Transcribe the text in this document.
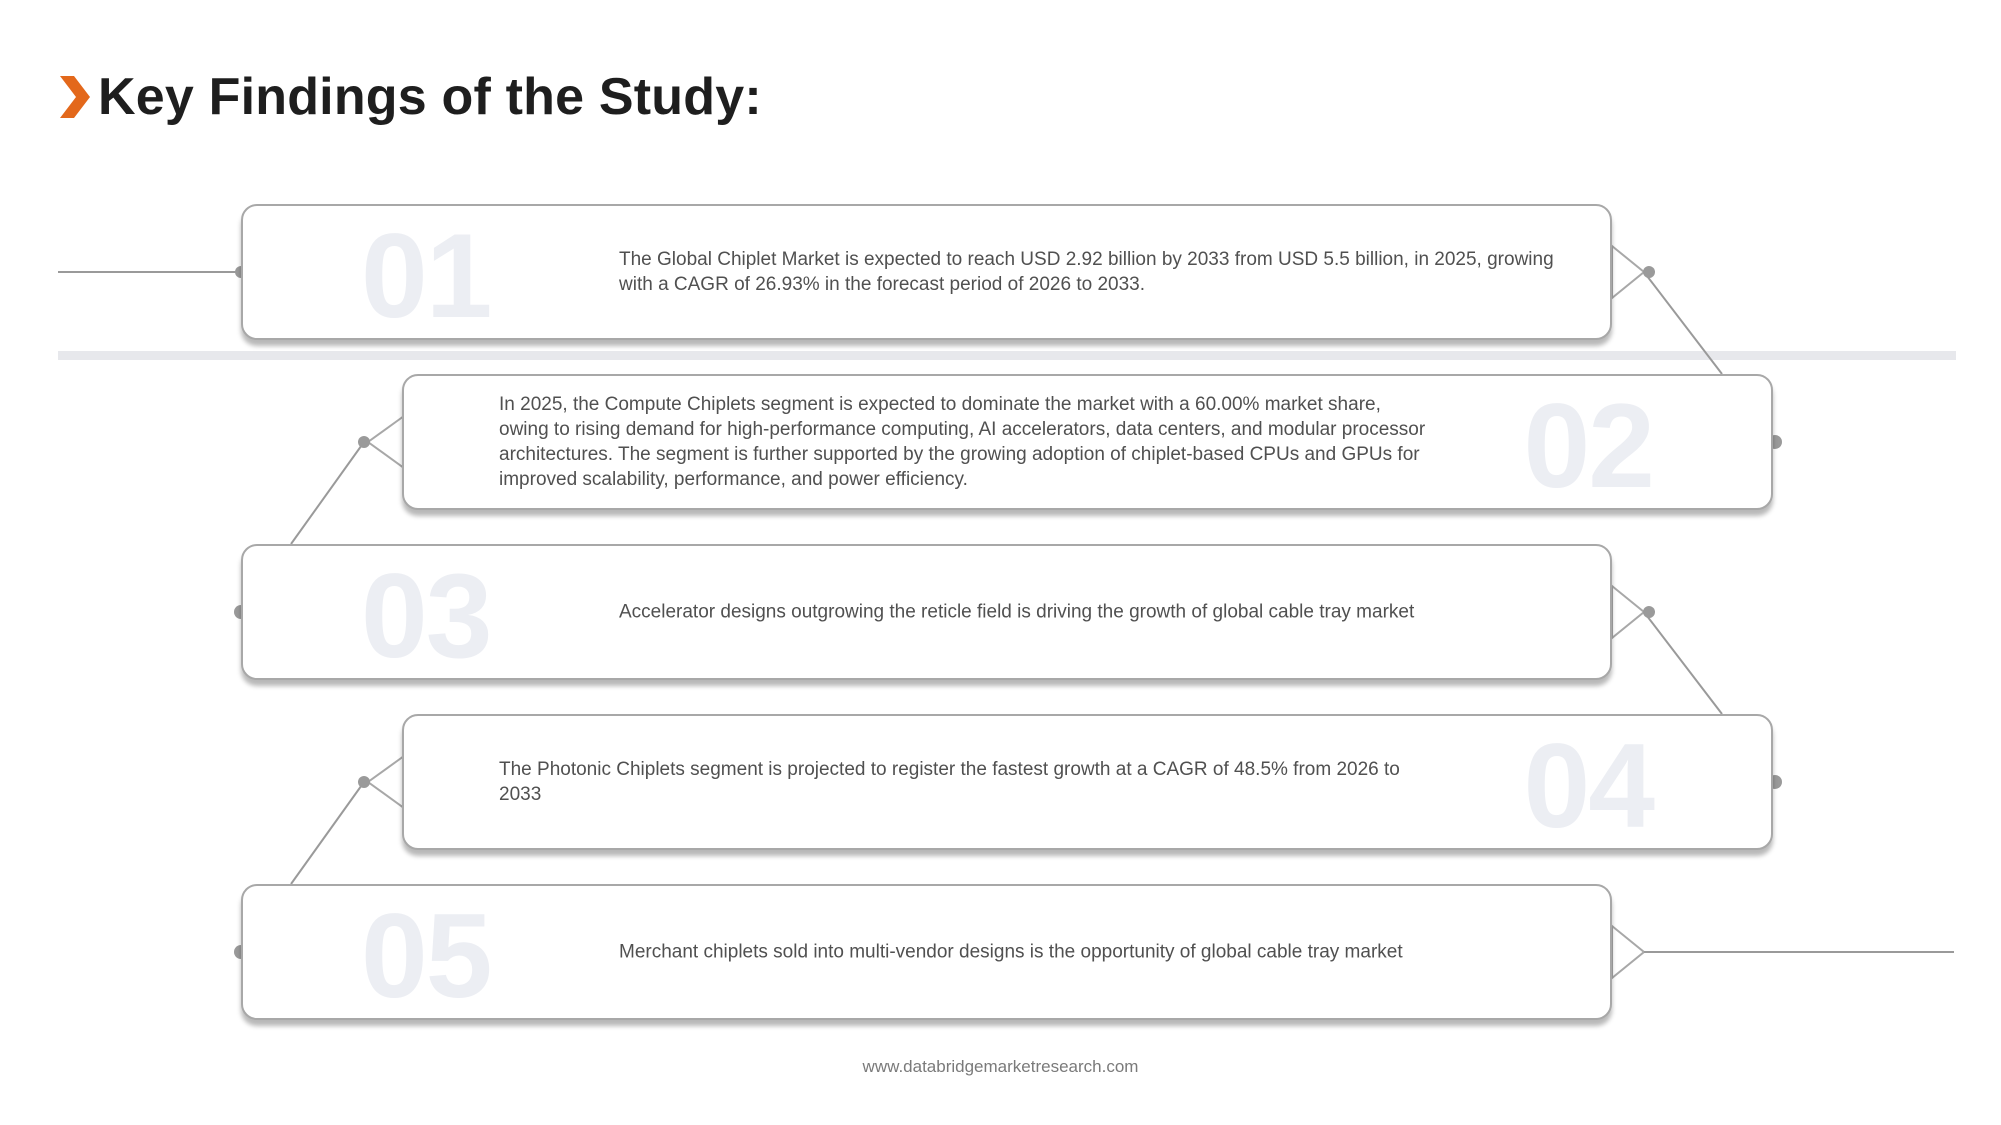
Key Findings of the Study:
01	The Global Chiplet Market is expected to reach USD 2.92 billion by 2033 from USD 5.5 billion, in 2025, growing with a CAGR of 26.93% in the forecast period of 2026 to 2033.
02
In 2025, the Compute Chiplets segment is expected to dominate the market with a 60.00% market share, owing to rising demand for high-performance computing, AI accelerators, data centers, and modular processor architectures. The segment is further supported by the growing adoption of chiplet-based CPUs and GPUs for improved scalability, performance, and power efficiency.
03	Accelerator designs outgrowing the reticle field is driving the growth of global cable tray market
04
The Photonic Chiplets segment is projected to register the fastest growth at a CAGR of 48.5% from 2026 to 2033
05	Merchant chiplets sold into multi-vendor designs is the opportunity of global cable tray market
www.databridgemarketresearch.com
